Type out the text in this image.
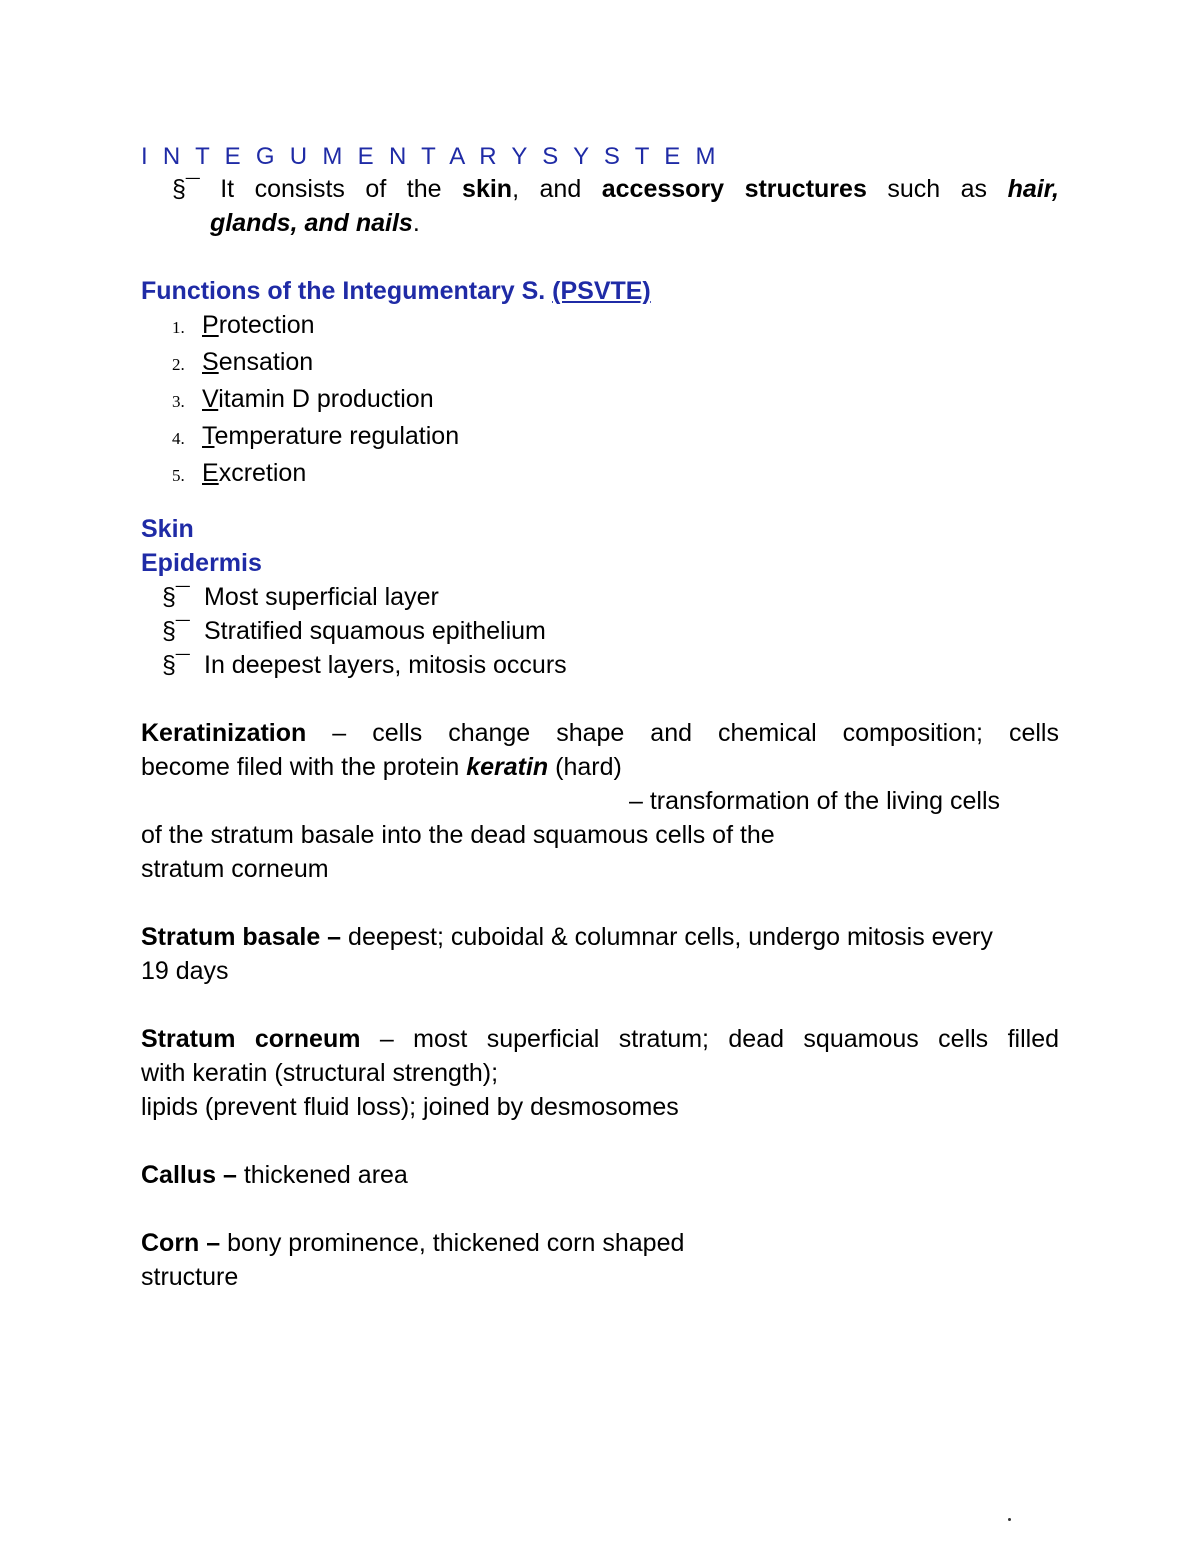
I N T E G U M E N T A R Y S Y S T E M
§¯ It consists of the skin, and accessory structures such as hair,
glands, and nails.
Functions of the Integumentary S. (PSVTE)
1. Protection
2. Sensation
3. Vitamin D production
4. Temperature regulation
5. Excretion
Skin
Epidermis
§¯ Most superficial layer
§¯ Stratified squamous epithelium
§¯ In deepest layers, mitosis occurs
Keratinization – cells change shape and chemical composition; cells
become filed with the protein keratin (hard)
– transformation of the living cells
of the stratum basale into the dead squamous cells of the
stratum corneum
Stratum basale – deepest; cuboidal & columnar cells, undergo mitosis every
19 days
Stratum corneum – most superficial stratum; dead squamous cells filled
with keratin (structural strength);
lipids (prevent fluid loss); joined by desmosomes
Callus – thickened area
Corn – bony prominence, thickened corn shaped
structure
